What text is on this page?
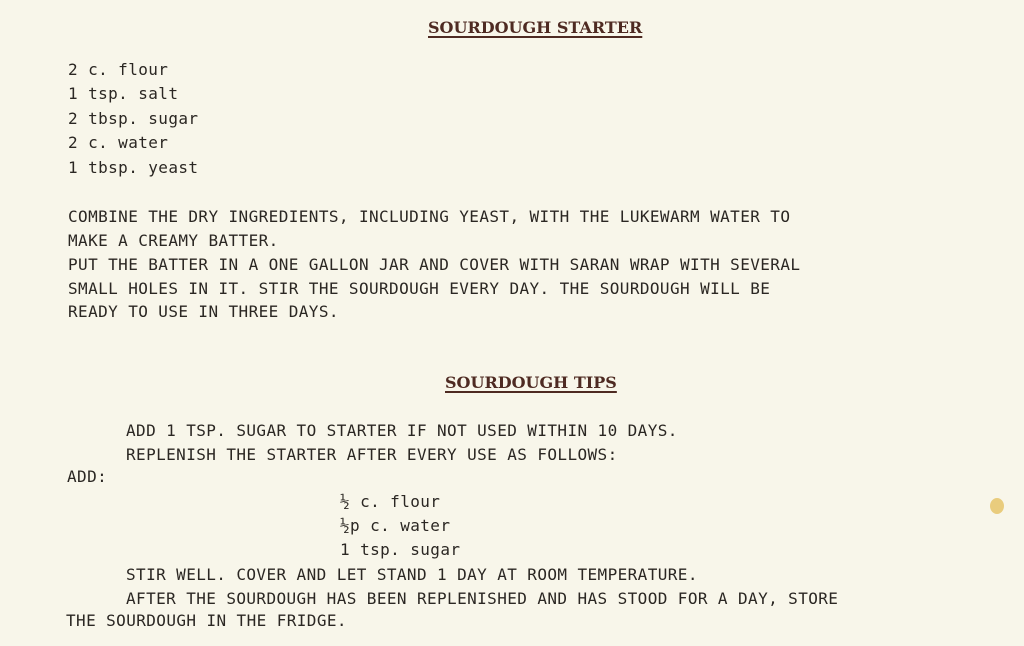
SOURDOUGH STARTER
2 c. flour
1 tsp. salt
2 tbsp. sugar
2 c. water
1 tbsp. yeast
COMBINE THE DRY INGREDIENTS, INCLUDING YEAST, WITH THE LUKEWARM WATER TO
MAKE A CREAMY BATTER.
PUT THE BATTER IN A ONE GALLON JAR AND COVER WITH SARAN WRAP WITH SEVERAL
SMALL HOLES IN IT. STIR THE SOURDOUGH EVERY DAY. THE SOURDOUGH WILL BE
READY TO USE IN THREE DAYS.
SOURDOUGH TIPS
ADD 1 TSP. SUGAR TO STARTER IF NOT USED WITHIN 10 DAYS.
REPLENISH THE STARTER AFTER EVERY USE AS FOLLOWS:
ADD:
½ c. flour
½p c. water
1 tsp. sugar
STIR WELL. COVER AND LET STAND 1 DAY AT ROOM TEMPERATURE.
AFTER THE SOURDOUGH HAS BEEN REPLENISHED AND HAS STOOD FOR A DAY, STORE
THE SOURDOUGH IN THE FRIDGE.
